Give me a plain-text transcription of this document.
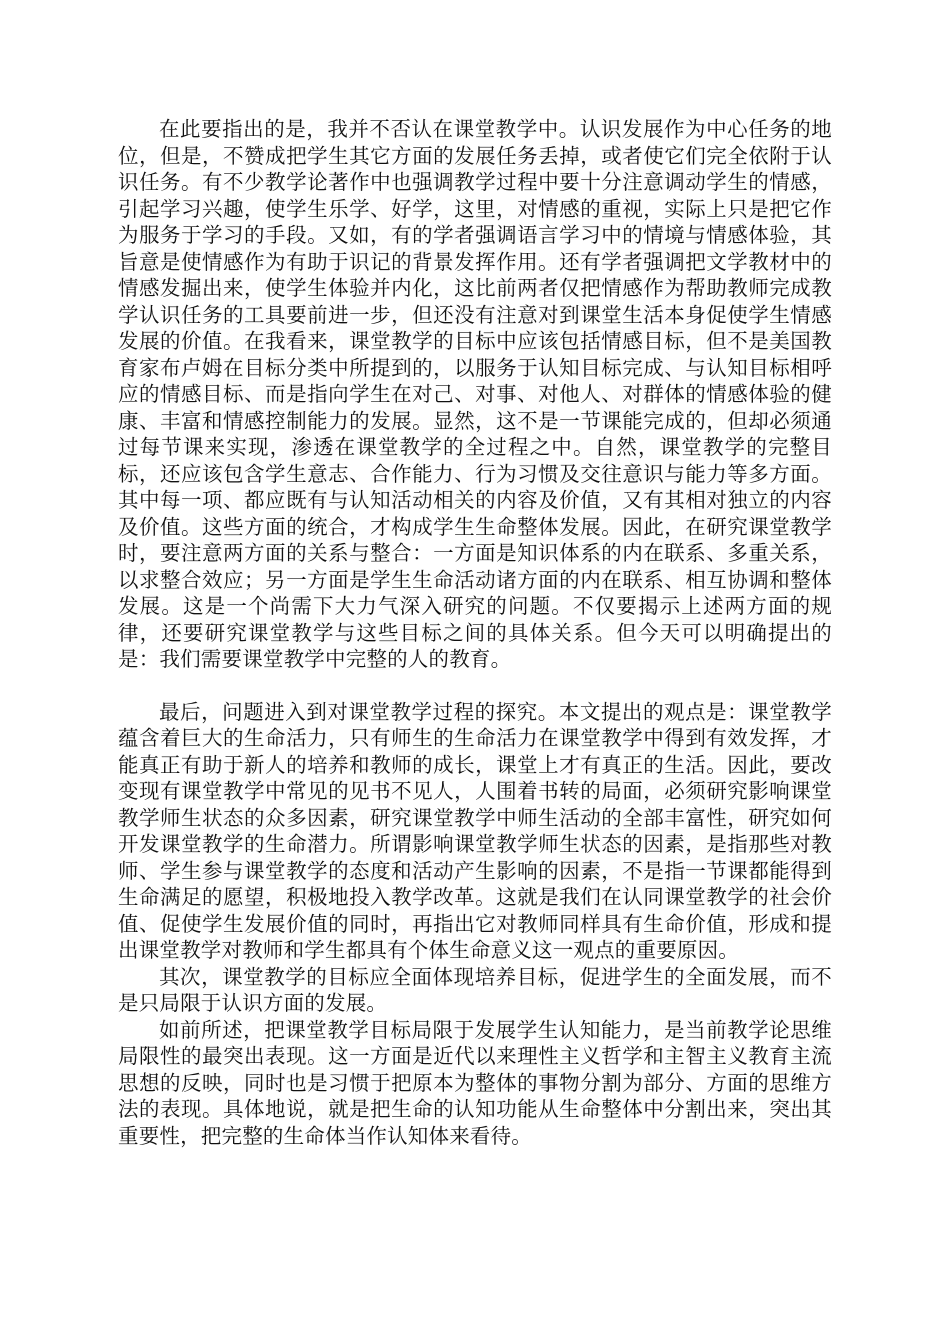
在此要指出的是，我并不否认在课堂教学中。认识发展作为中心任务的地位，但是，不赞成把学生其它方面的发展任务丢掉，或者使它们完全依附于认识任务。有不少教学论著作中也强调教学过程中要十分注意调动学生的情感，引起学习兴趣，使学生乐学、好学，这里，对情感的重视，实际上只是把它作为服务于学习的手段。又如，有的学者强调语言学习中的情境与情感体验，其旨意是使情感作为有助于识记的背景发挥作用。还有学者强调把文学教材中的情感发掘出来，使学生体验并内化，这比前两者仅把情感作为帮助教师完成教学认识任务的工具要前进一步，但还没有注意对到课堂生活本身促使学生情感发展的价值。在我看来，课堂教学的目标中应该包括情感目标，但不是美国教育家布卢姆在目标分类中所提到的，以服务于认知目标完成、与认知目标相呼应的情感目标、而是指向学生在对己、对事、对他人、对群体的情感体验的健康、丰富和情感控制能力的发展。显然，这不是一节课能完成的，但却必须通过每节课来实现，渗透在课堂教学的全过程之中。自然，课堂教学的完整目标，还应该包含学生意志、合作能力、行为习惯及交往意识与能力等多方面。其中每一项、都应既有与认知活动相关的内容及价值，又有其相对独立的内容及价值。这些方面的统合，才构成学生生命整体发展。因此，在研究课堂教学时，要注意两方面的关系与整合：一方面是知识体系的内在联系、多重关系，以求整合效应；另一方面是学生生命活动诸方面的内在联系、相互协调和整体发展。这是一个尚需下大力气深入研究的问题。不仅要揭示上述两方面的规律，还要研究课堂教学与这些目标之间的具体关系。但今天可以明确提出的是：我们需要课堂教学中完整的人的教育。

最后，问题进入到对课堂教学过程的探究。本文提出的观点是：课堂教学蕴含着巨大的生命活力，只有师生的生命活力在课堂教学中得到有效发挥，才能真正有助于新人的培养和教师的成长，课堂上才有真正的生活。因此，要改变现有课堂教学中常见的见书不见人，人围着书转的局面，必须研究影响课堂教学师生状态的众多因素，研究课堂教学中师生活动的全部丰富性，研究如何开发课堂教学的生命潜力。所谓影响课堂教学师生状态的因素，是指那些对教师、学生参与课堂教学的态度和活动产生影响的因素，不是指一节课都能得到生命满足的愿望，积极地投入教学改革。这就是我们在认同课堂教学的社会价值、促使学生发展价值的同时，再指出它对教师同样具有生命价值，形成和提出课堂教学对教师和学生都具有个体生命意义这一观点的重要原因。

其次，课堂教学的目标应全面体现培养目标，促进学生的全面发展，而不是只局限于认识方面的发展。

如前所述，把课堂教学目标局限于发展学生认知能力，是当前教学论思维局限性的最突出表现。这一方面是近代以来理性主义哲学和主智主义教育主流思想的反映，同时也是习惯于把原本为整体的事物分割为部分、方面的思维方法的表现。具体地说，就是把生命的认知功能从生命整体中分割出来，突出其重要性，把完整的生命体当作认知体来看待。
